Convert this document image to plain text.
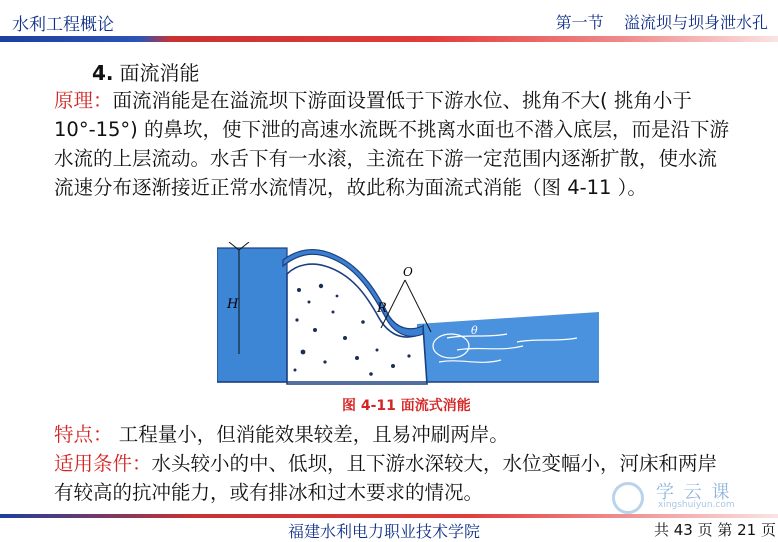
水利工程概论	第一节    溢流坝与坝身泄水孔
4. 面流消能
原理：面流消能是在溢流坝下游面设置低于下游水位、挑角不大( 挑角小于 10°-15°) 的鼻坎，使下泄的高速水流既不挑离水面也不潜入底层，而是沿下游水流的上层流动。水舌下有一水滚，主流在下游一定范围内逐渐扩散，使水流流速分布逐渐接近正常水流情况，故此称为面流式消能（图 4-11 ）。
H	R
O
θ
图 4-11 面流式消能
特点： 工程量小，但消能效果较差，且易冲刷两岸。
适用条件：水头较小的中、低坝，且下游水深较大，水位变幅小，河床和两岸有较高的抗冲能力，或有排冰和过木要求的情况。	学 云 课
xingshuiyun.com
福建水利电力职业技术学院	共 43 页 第 21 页
